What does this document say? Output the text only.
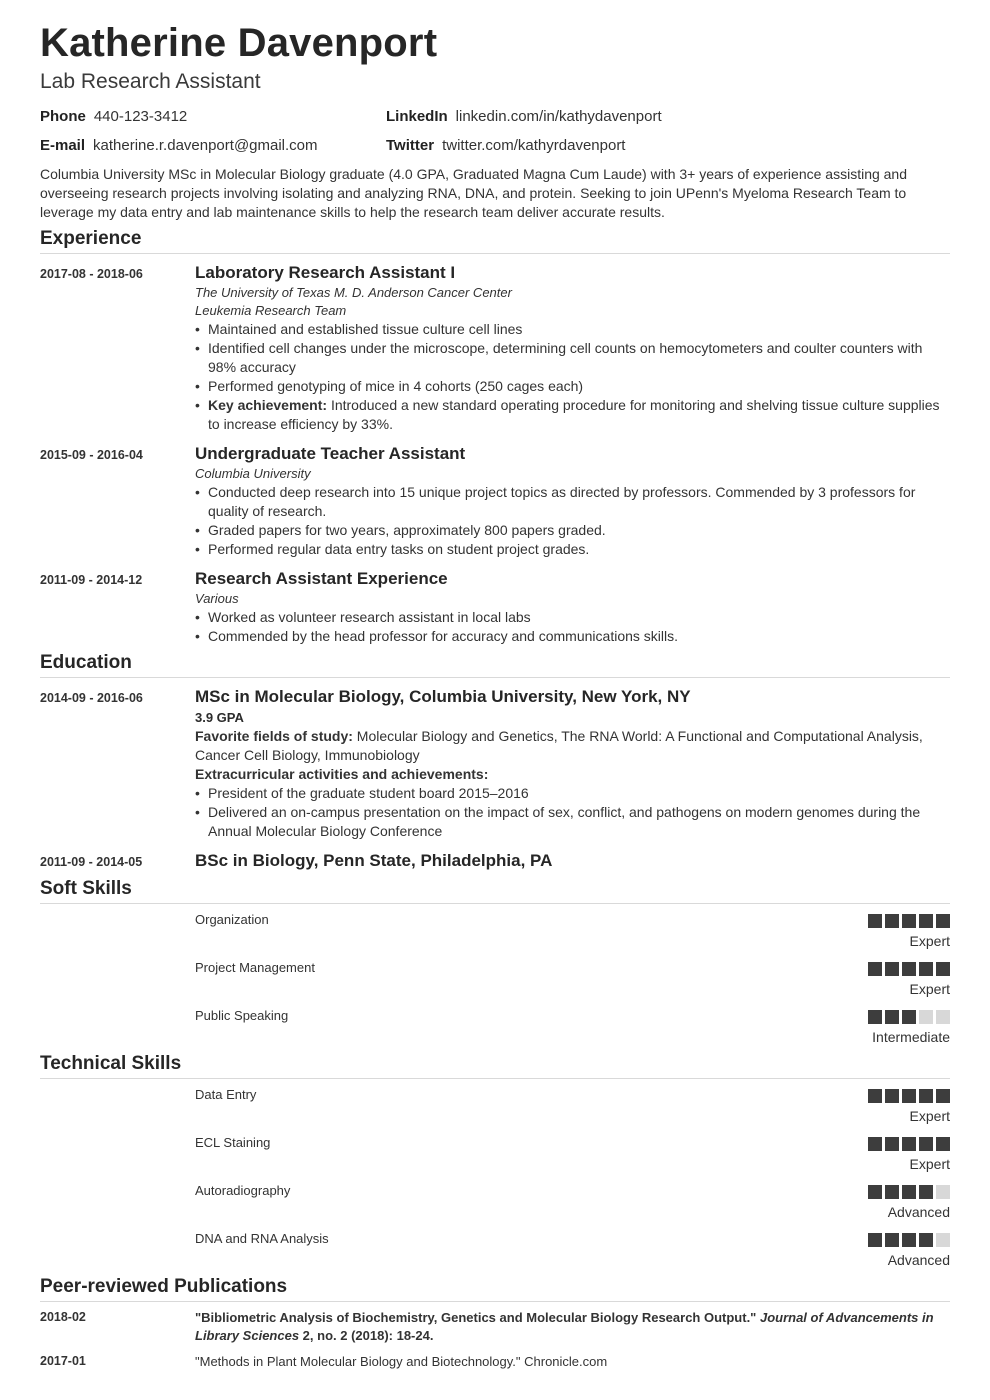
Katherine Davenport
Lab Research Assistant
Phone 440-123-3412
E-mail katherine.r.davenport@gmail.com
LinkedIn linkedin.com/in/kathydavenport
Twitter twitter.com/kathyrdavenport
Columbia University MSc in Molecular Biology graduate (4.0 GPA, Graduated Magna Cum Laude) with 3+ years of experience assisting and overseeing research projects involving isolating and analyzing RNA, DNA, and protein. Seeking to join UPenn's Myeloma Research Team to leverage my data entry and lab maintenance skills to help the research team deliver accurate results.
Experience
2017-08 - 2018-06	Laboratory Research Assistant I
The University of Texas M. D. Anderson Cancer Center
Leukemia Research Team
• Maintained and established tissue culture cell lines
• Identified cell changes under the microscope, determining cell counts on hemocytometers and coulter counters with 98% accuracy
• Performed genotyping of mice in 4 cohorts (250 cages each)
• Key achievement: Introduced a new standard operating procedure for monitoring and shelving tissue culture supplies to increase efficiency by 33%.
2015-09 - 2016-04	Undergraduate Teacher Assistant
Columbia University
• Conducted deep research into 15 unique project topics as directed by professors. Commended by 3 professors for quality of research.
• Graded papers for two years, approximately 800 papers graded.
• Performed regular data entry tasks on student project grades.
2011-09 - 2014-12	Research Assistant Experience
Various
• Worked as volunteer research assistant in local labs
• Commended by the head professor for accuracy and communications skills.
Education
2014-09 - 2016-06	MSc in Molecular Biology, Columbia University, New York, NY
3.9 GPA
Favorite fields of study: Molecular Biology and Genetics, The RNA World: A Functional and Computational Analysis, Cancer Cell Biology, Immunobiology
Extracurricular activities and achievements:
• President of the graduate student board 2015–2016
• Delivered an on-campus presentation on the impact of sex, conflict, and pathogens on modern genomes during the Annual Molecular Biology Conference
2011-09 - 2014-05	BSc in Biology, Penn State, Philadelphia, PA
Soft Skills
Organization
Expert
Project Management
Expert
Public Speaking
Intermediate
Technical Skills
Data Entry
Expert
ECL Staining
Expert
Autoradiography
Advanced
DNA and RNA Analysis
Advanced
Peer-reviewed Publications
2018-02	"Bibliometric Analysis of Biochemistry, Genetics and Molecular Biology Research Output." Journal of Advancements in Library Sciences 2, no. 2 (2018): 18-24.
2017-01	"Methods in Plant Molecular Biology and Biotechnology." Chronicle.com
